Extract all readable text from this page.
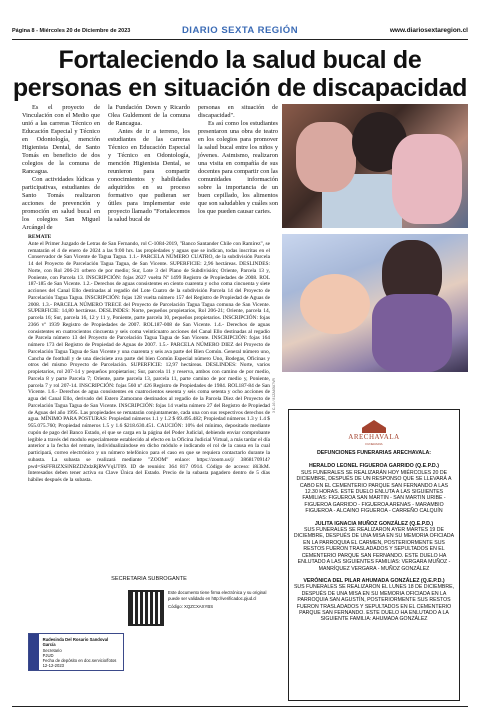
Página 8 - Miércoles 20 de Diciembre de 2023	DIARIO SEXTA REGIÓN	www.diariosextaregion.cl
Fortaleciendo la salud bucal de personas en situación de discapacidad

Es el proyecto de Vinculación con el Medio que unió a las carreras Técnico en Educación Especial y Técnico en Odontología, mención Higienista Dental, de Santo Tomás en beneficio de dos colegios de la comuna de Rancagua.

Con actividades lúdicas y participativas, estudiantes de Santo Tomás realizaron acciones de prevención y promoción en salud bucal en los colegios San Miguel Arcángel de

la Fundación Down y Ricardo Olea Guldemont de la comuna de Rancagua.

Antes de ir a terreno, los estudiantes de las carreras Técnico en Educación Especial y Técnico en Odontología, mención Higienista Dental, se reunieron para compartir conocimientos y habilidades adquiridos en su proceso formativo que pudieran ser útiles para implementar este proyecto llamado "Fortalecemos la salud bucal de

personas en situación de discapacidad".

Es así como los estudiantes presentaron una obra de teatro en los colegios para promover la salud bucal entre los niños y jóvenes. Asimismo, realizaron una visita en compañía de sus docentes para compartir con las comunidades información sobre la importancia de un buen cepillado, los alimentos que son saludables y cuáles son los que pueden causar caries.

REMATE
Ante el Primer Juzgado de Letras de San Fernando, rol C-1084-2019, "Banco Santander Chile con Ramírez", se rematarán el 4 de enero de 2024 a las 9:00 hrs. las propiedades y aguas que se indican, todas inscritas en el Conservador de San Vicente de Tagua Tagua. 1.1.- PARCELA NÚMERO CUATRO, de la subdivisión Parcela 14 del Proyecto de Parcelación Tagua Tagua, de San Vicente. SUPERFICIE: 2,96 hectáreas. DESLINDES: Norte, con Rol 206-21 orbero de por medio; Sur, Lote 3 del Plano de Subdivisión; Oriente, Parcela 13 y, Poniente, con Parcela 13. INSCRIPCIÓN: fojas 2627 vuelta Nº 1499 Registro de Propiedades de 2008. ROL 187-185 de San Vicente. 1.2.- Derechos de aguas consistentes en ciento cuarenta y ocho coma cincuenta y siete acciones del Canal Ello destinadas al regadío del Lote Cuatro de la subdivisión Parcela 14 del Proyecto de Parcelación Tagua Tagua. INSCRIPCIÓN: fojas 128 vuelta número 157 del Registro de Propiedad de Aguas de 2008. 1.3.- PARCELA NÚMERO TRECE del Proyecto de Parcelación Tagua Tagua comuna de San Vicente. SUPERFICIE: 14,80 hectáreas. DESLINDES: Norte, pequeños propietarios, Rol 206-21; Oriente, parcela 14, parcela 16; Sur, parcela 16, 12 y 11 y, Poniente, parte parcela 10, pequeños propietarios. INSCRIPCIÓN: fojas 2366 vº 1939 Registro de Propiedades de 2007. ROL187-008 de San Vicente. 1.4.- Derechos de aguas consistentes en cuatrocientos cincuenta y seis coma veinticuatro acciones del Canal Ello destinadas al regadío de Parcela número 13 del Proyecto de Parcelación Tagua Tagua de San Vicente. INSCRIPCIÓN: fojas 164 número 173 del Registro de Propiedad de Aguas de 2007. 1.5.- PARCELA NÚMERO DIEZ del Proyecto de Parcelación Tagua Tagua de San Vicente y una cuarenta y seis ava parte del Bien Común. General número uno, Cancha de football y de una diecisiete ava parte del bien Común Especial número Uno, Bodegas, Oficinas y otros del mismo Proyecto de Parcelación. SUPERFICIE: 12,97 hectáreas. DESLINDES: Norte, varios propietarios, rol 207-14 y pequeños propietarios; Sur, parcela 11 y reserva, ambos con camino de por medio, Parcela 8 y parte Parcela 7; Oriente, parte parcela 13, parcela 11, parte camino de por medio y, Poniente, parcela 7 y rol 207-14. INSCRIPCIÓN: fojas 560 nº 426 Registro de Propiedades de 1984. ROL187-84 de San Vicente. 1.6.- Derechos de agua consistentes en cuatrocientos sesenta y seis coma setenta y ocho acciones de agua del Canal Ello, derivado del Estero Zamorano destinados al regadío de la Parcela Diez del Proyecto de Parcelación Tagua Tagua de San Vicente. INSCRIPCIÓN: fojas 14 vuelta número 27 del Registro de Propiedad de Aguas del año 1995. Las propiedades se rematarán conjuntamente, cada una con sus respectivos derechos de agua. MÍNIMO PARA POSTURAS: Propiedad números 1.1 y 1.2 $ 69.495.482; Propiedad números 1.3 y 1.4 $ 955.075.760; Propiedad números 1.5 y 1.6 $218.630.451. CAUCIÓN: 10% del mínimo, depositado mediante cupón de pago del Banco Estado, el que se carga en la página del Poder Judicial, debiendo enviar comprobante legible a través del modulo especialmente establecido al efecto en la Oficina Judicial Virtual, a más tardar el día anterior a la fecha del remate, individualizándose en dicho módulo e indicando el rol de la causa en la cual participará, correo electrónico y un número telefónico para el caso en que se requiera contactarlo durante la subasta. La subasta se realizará mediante "ZOOM" enlace: https://zoom.us/j/ 3868170914?pwd=SkFFRlZXSlNBZDZtdzRjRWVqUT09. ID de reunión: 364 817 0914. Código de acceso: i8i3kM. Interesados deben tener activa su Clave Única del Estado. Precio de la subasta pagadero dentro de 5 días hábiles después de la subasta.
SECRETARIA SUBROGANTE
Este documento tiene firma electrónica y su original puede ser validado en http://verificadoc.pjud.cl
Código: XQZCXAXYBS
Rudesinda Del Rosario Sandoval García
Secretario
PJUD
Fecha de depósito en doc.servicio/fotos
12-12-2023
3 C-16 / 81ZA83U7VR
ARECHAVALA
FUNERARIA
DEFUNCIONES FUNERARIAS ARECHAVALA:

HERALDO LEONEL FIGUEROA GARRIDO (Q.E.P.D.)

SUS FUNERALES SE REALIZARÁN HOY MIÉRCOLES 20 DE DICIEMBRE, DESPUÉS DE UN RESPONSO QUE SE LLEVARÁ A CABO EN EL CEMENTERIO PARQUE SAN FERNANDO A LAS 12.30 HORAS. ESTE DUELO ENLUTA A LAS SIGUIENTES FAMILIAS: FIGUEROA SAN MARTIN - SAN MARTIN URIBE - FIGUEROA GARRIDO - FIGUEROA ARENAS - MARAMBIO FIGUEROA - ALCAINO FIGUEROA - CARREÑO CALQUÍN

JULITA IGNACIA MUÑOZ GONZÁLEZ (Q.E.P.D.)

SUS FUNERALES SE REALIZARON AYER MARTES 19 DE DICIEMBRE, DESPUÉS DE UNA MISA EN SU MEMORIA OFICIADA EN LA PARROQUIA EL CARMEN, POSTERIORMENTE SUS RESTOS FUERON TRASLADADOS Y SEPULTADOS EN EL CEMENTERIO PARQUE SAN FERNANDO. ESTE DUELO HA ENLUTADO A LAS SIGUIENTES FAMILIAS: VERGARA MUÑOZ - MANRÍQUEZ VERGARA - MUÑOZ GONZÁLEZ

VERÓNICA DEL PILAR AHUMADA GONZÁLEZ (Q.E.P.D.)

SUS FUNERALES SE REALIZARON EL LUNES 18 DE DICIEMBRE, DESPUÉS DE UNA MISA EN SU MEMORIA OFICIADA EN LA PARROQUIA SAN AGUSTÍN, POSTERIORMENTE SUS RESTOS FUERON TRASLADADOS Y SEPULTADOS EN EL CEMENTERIO PARQUE SAN FERNANDO. ESTE DUELO HA ENLUTADO A LA SIGUIENTE FAMILIA: AHUMADA GONZÁLEZ
